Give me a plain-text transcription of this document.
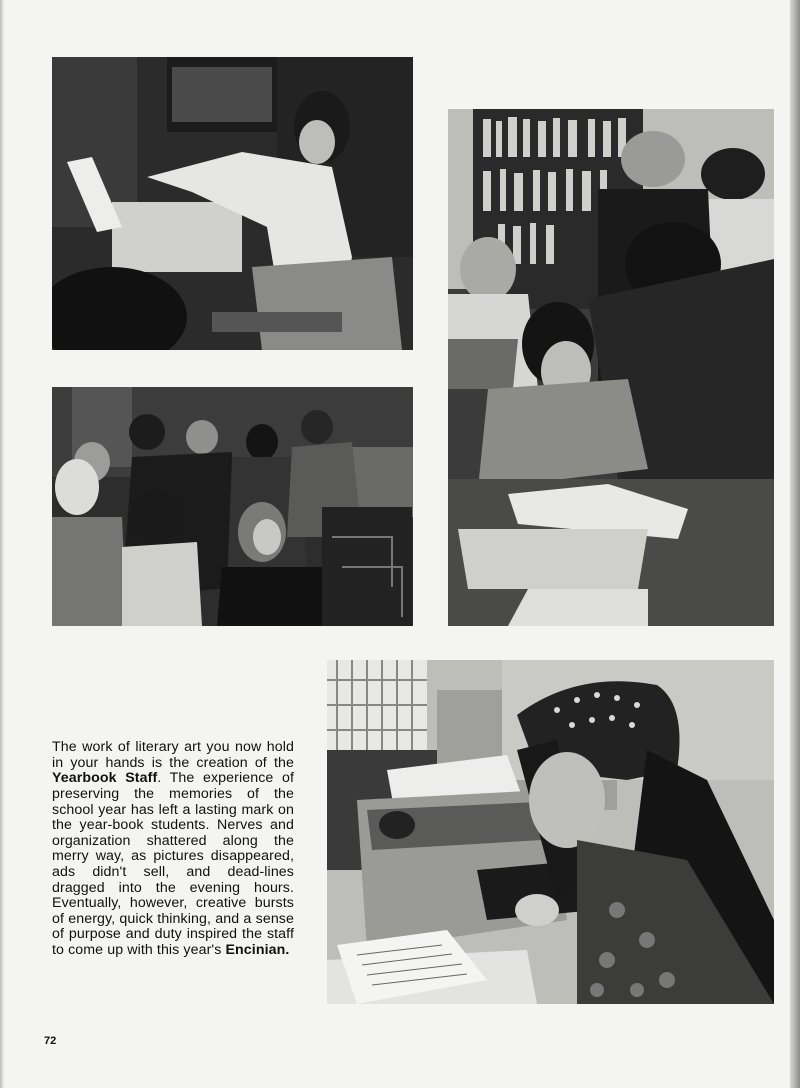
The work of literary art you now hold in your hands is the creation of the Yearbook Staff. The experience of preserving the memories of the school year has left a lasting mark on the year-book students. Nerves and organization shattered along the merry way, as pictures disappeared, ads didn't sell, and dead-lines dragged into the evening hours. Eventually, however, creative bursts of energy, quick thinking, and a sense of purpose and duty inspired the staff to come up with this year's Encinian.

72
